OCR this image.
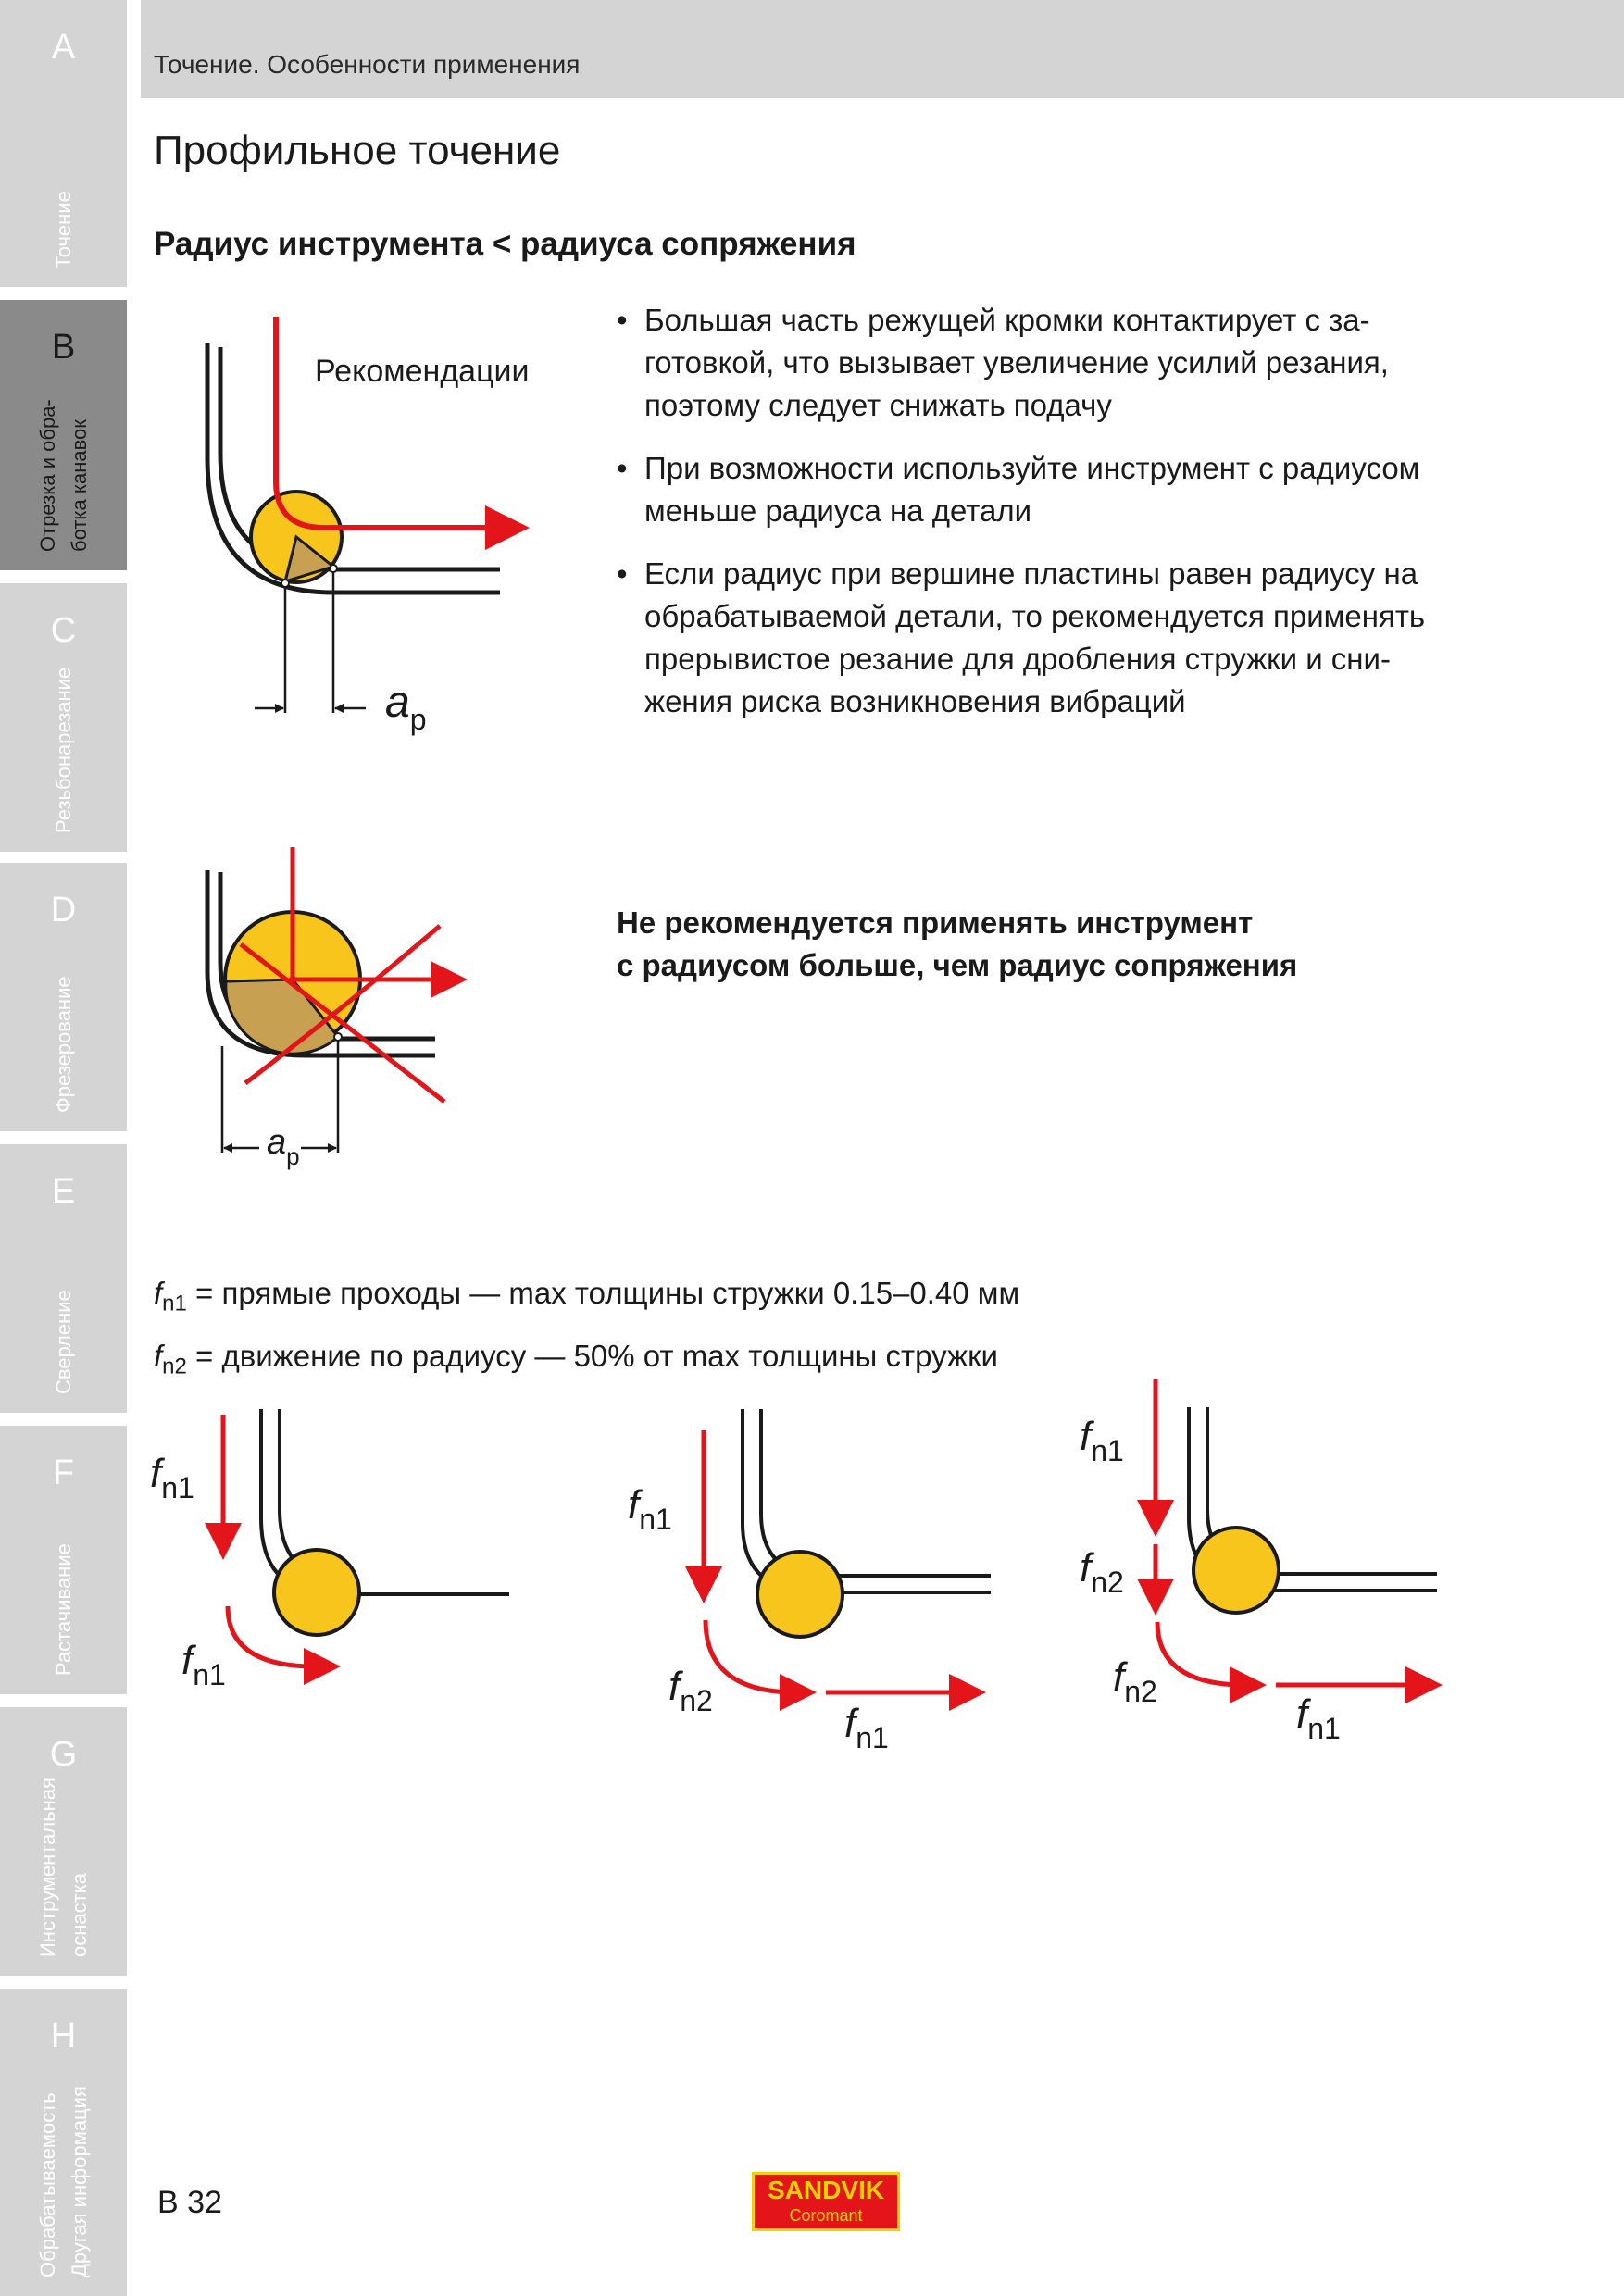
A
Точение
B
Отрезка и обра-
ботка канавок
C
Резьбонарезание
D
Фрезерование
E
Сверление
F
Растачивание
G
Инструментальная
оснастка
H
Обрабатываемость
Другая информация
Точение. Особенности применения
Профильное точение
Радиус инструмента < радиуса сопряжения
• Большая часть режущей кромки контактирует с за-
готовкой, что вызывает увеличение усилий резания,
поэтому следует снижать подачу
• При возможности используйте инструмент с радиусом
меньше радиуса на детали
• Если радиус при вершине пластины равен радиусу на
обрабатываемой детали, то рекомендуется применять
прерывистое резание для дробления стружки и сни-
жения риска возникновения вибраций
$a_p$
Рекомендации
$a_p$
Не рекомендуется применять инструмент
с радиусом больше, чем радиус сопряжения
$f_{n1}$ = прямые проходы — max толщины стружки 0.15–0.40 мм
$f_{n2}$ = движение по радиусу — 50% от max толщины стружки
$f_{n1}$
$f_{n1}$
$f_{n1}$
$f_{n2}$	$f_{n1}$
$f_{n1}$
$f_{n2}$
$f_{n2}$	$f_{n1}$
B 32	SANDVIK
Coromant
